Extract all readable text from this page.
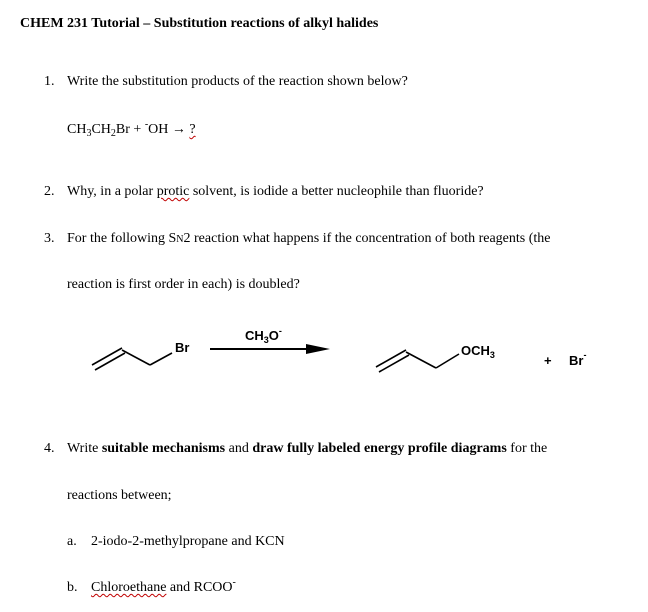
CHEM 231 Tutorial – Substitution reactions of alkyl halides
1. Write the substitution products of the reaction shown below?
$CH_3CH_2Br + ^-OH$ → ?
2. Why, in a polar protic solvent, is iodide a better nucleophile than fluoride?
3. For the following SN2 reaction what happens if the concentration of both reagents (the
reaction is first order in each) is doubled?
Br
$CH_3O^-$
$OCH_3$	+ Br-
4. Write suitable mechanisms and draw fully labeled energy profile diagrams for the
reactions between;
a. 2-iodo-2-methylpropane and KCN
b. Chloroethane and RCOO-
